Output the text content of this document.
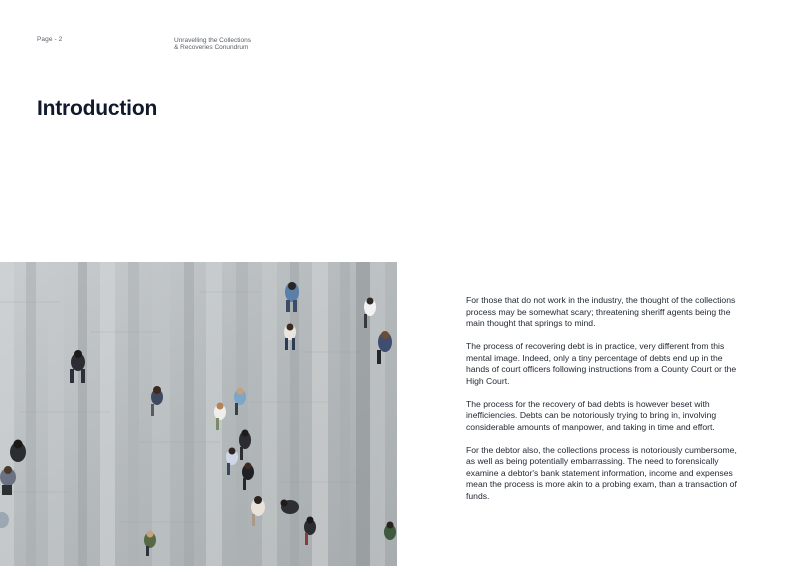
Page - 2	Unravelling the Collections
& Recoveries Conundrum
Introduction

For those that do not work in the industry, the thought of the collections process may be somewhat scary; threatening sheriff agents being the main thought that springs to mind.

The process of recovering debt is in practice, very different from this mental image. Indeed, only a tiny percentage of debts end up in the hands of court officers following instructions from a County Court or the High Court.

The process for the recovery of bad debts is however beset with inefficiencies. Debts can be notoriously trying to bring in, involving considerable amounts of manpower, and taking in time and effort.

For the debtor also, the collections process is notoriously cumbersome, as well as being potentially embarrassing. The need to forensically examine a debtor's bank statement information, income and expenses mean the process is more akin to a probing exam, than a transaction of funds.
